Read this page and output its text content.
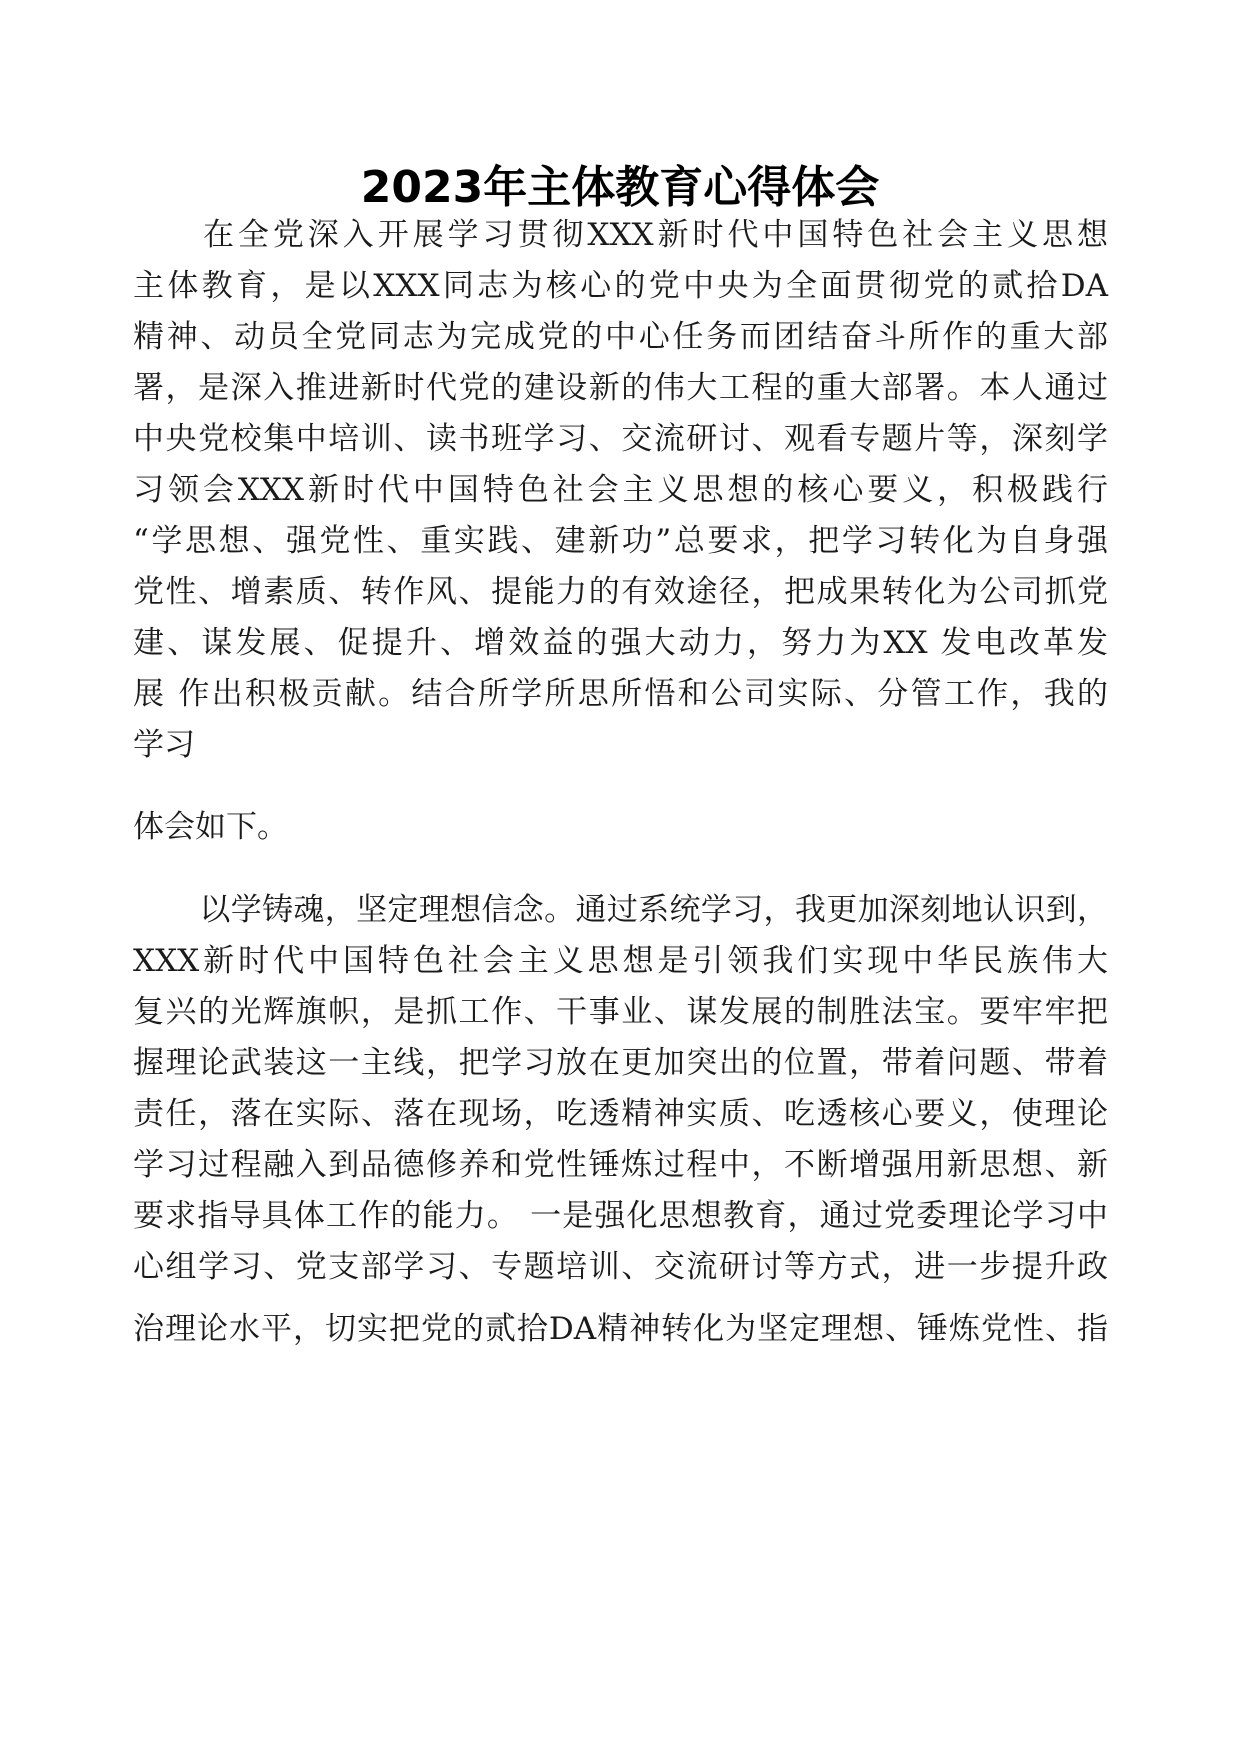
2023年主体教育心得体会
在全党深入开展学习贯彻XXX新时代中国特色社会主义思想
主体教育，是以XXX同志为核心的党中央为全面贯彻党的贰拾DA
精神、动员全党同志为完成党的中心任务而团结奋斗所作的重大部
署，是深入推进新时代党的建设新的伟大工程的重大部署。本人通过
中央党校集中培训、读书班学习、交流研讨、观看专题片等，深刻学
习领会XXX新时代中国特色社会主义思想的核心要义，积极践行
“学思想、强党性、重实践、建新功”总要求，把学习转化为自身强
党性、增素质、转作风、提能力的有效途径，把成果转化为公司抓党
建、谋发展、促提升、增效益的强大动力，努力为XX 发电改革发
展 作出积极贡献。结合所学所思所悟和公司实际、分管工作，我的
学习
体会如下。
以学铸魂，坚定理想信念。通过系统学习，我更加深刻地认识到，
XXX新时代中国特色社会主义思想是引领我们实现中华民族伟大
复兴的光辉旗帜，是抓工作、干事业、谋发展的制胜法宝。要牢牢把
握理论武装这一主线，把学习放在更加突出的位置，带着问题、带着
责任，落在实际、落在现场，吃透精神实质、吃透核心要义，使理论
学习过程融入到品德修养和党性锤炼过程中，不断增强用新思想、新
要求指导具体工作的能力。 一是强化思想教育，通过党委理论学习中
心组学习、党支部学习、专题培训、交流研讨等方式，进一步提升政
治理论水平，切实把党的贰拾DA精神转化为坚定理想、锤炼党性、指
